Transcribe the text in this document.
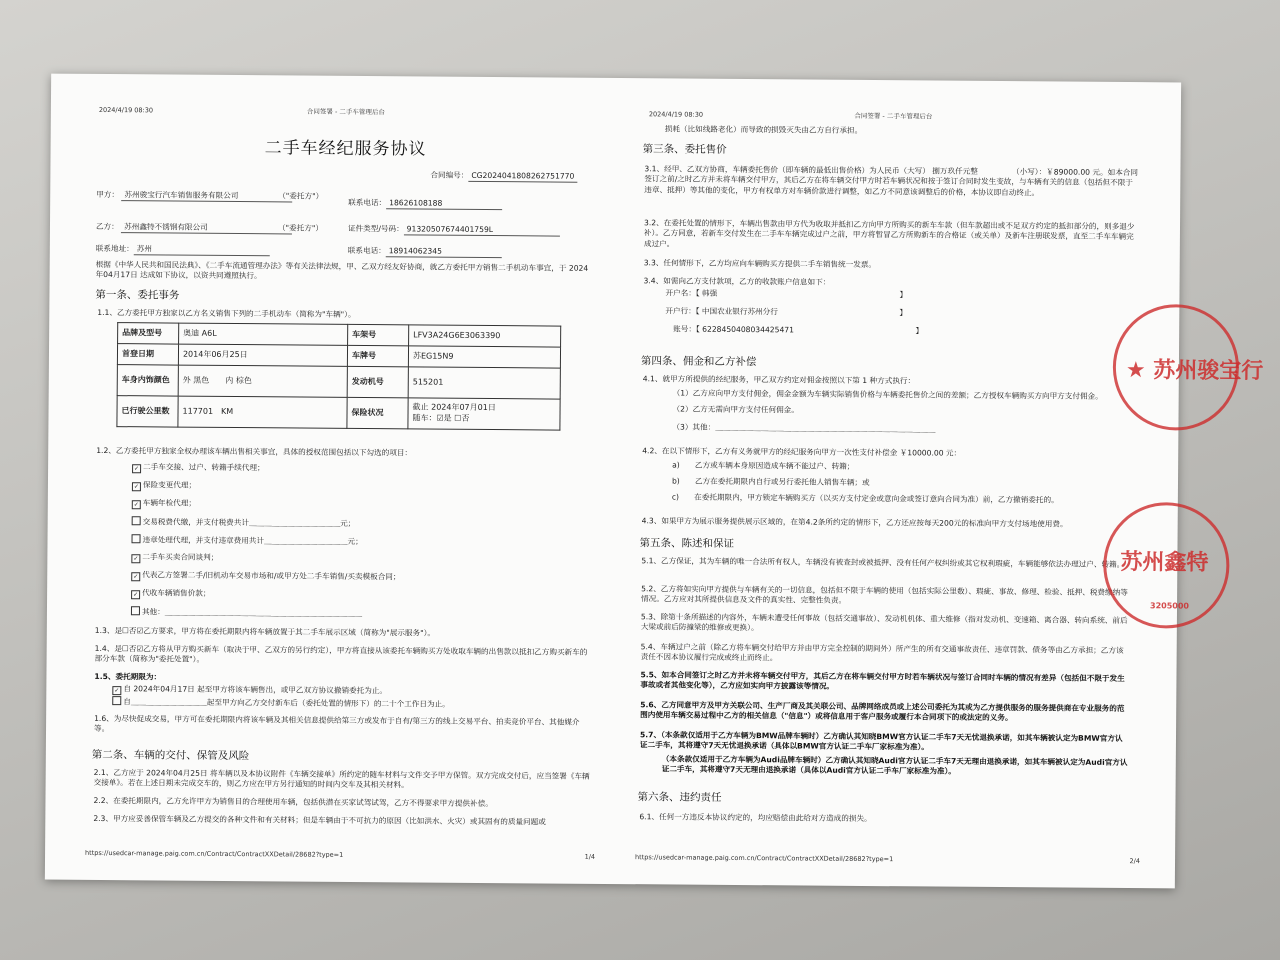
2024/4/19 08:30	合同签署 - 二手车管理后台
二手车经纪服务协议
合同编号： CG2024041808262751770
甲方： 苏州骏宝行汽车销售服务有限公司	（"委托方"）
联系电话： 18626108188
乙方： 苏州鑫特不锈钢有限公司	（"委托方"）	证件类型/号码： 91320507674401759L
联系地址： 苏州	联系电话： 18914062345
根据《中华人民共和国民法典》、《二手车流通管理办法》等有关法律法规，甲、乙双方经友好协商，就乙方委托甲方销售二手机动车事宜，于 2024年04月17日 达成如下协议，以资共同遵照执行。
第一条、委托事务
1.1、乙方委托甲方独家以乙方名义销售下列的二手机动车（简称为"车辆"）。
品牌及型号	奥迪 A6L	车架号	LFV3A24G6E3063390
首登日期	2014年06月25日	车牌号	苏EG15N9
车身内饰颜色	外 黑色　　内 棕色	发动机号	515201
已行驶公里数	117701　KM	保险状况	截止 2024年07月01日
随车：☑是 ☐否
1.2、乙方委托甲方独家全权办理该车辆出售相关事宜，具体的授权范围包括以下勾选的项目：
✓ 二手车交接、过户、转籍手续代理；
✓ 保险变更代理；
✓ 车辆年检代理；
交易税费代缴，并支付税费共计＿＿＿＿＿＿＿＿＿＿＿＿元；
违章处理代理，并支付违章费用共计＿＿＿＿＿＿＿＿＿＿＿元；
✓ 二手车买卖合同谈判；
✓ 代表乙方签署二手/旧机动车交易市场和/或甲方处二手车销售/买卖模板合同；
✓ 代收车辆销售价款；
其他：＿＿＿＿＿＿＿＿＿＿＿＿＿＿＿＿＿＿＿＿＿＿＿＿＿＿
1.3、是☐否☑乙方要求，甲方将在委托期限内将车辆放置于其二手车展示区域（简称为"展示服务"）。
1.4、是☐否☑乙方将从甲方购买新车（取决于甲、乙双方的另行约定），甲方将直接从该委托车辆购买方处收取车辆的出售款以抵扣乙方购买新车的部分车款（简称为"委托处置"）。
1.5、委托期限为：
✓ 自 2024年04月17日 起至甲方将该车辆售出，或甲乙双方协议撤销委托为止。
自＿＿＿＿＿＿＿＿＿＿起至甲方向乙方交付新车后（委托处置的情形下）的二十个工作日为止。
1.6、为尽快促成交易，甲方可在委托期限内将该车辆及其相关信息提供给第三方或发布于自有/第三方的线上交易平台、拍卖竞价平台、其他媒介等。
第二条、车辆的交付、保管及风险
2.1、乙方应于 2024年04月25日 将车辆以及本协议附件《车辆交接单》所约定的随车材料与文件交予甲方保管。双方完成交付后，应当签署《车辆交接单》。若在上述日期未完成交车的，则乙方应在甲方另行通知的时间内交车及其相关材料。
2.2、在委托期限内，乙方允许甲方为销售目的合理使用车辆，包括供潜在买家试驾试驾，乙方不得要求甲方提供补偿。
2.3、甲方应妥善保管车辆及乙方提交的各种文件和有关材料；但是车辆由于不可抗力的原因（比如洪水、火灾）或其固有的质量问题或
https://usedcar-manage.paig.com.cn/Contract/ContractXXDetail/28682?type=1	1/4
2024/4/19 08:30	合同签署 - 二手车管理后台
损耗（比如线路老化）而导致的损毁灭失由乙方自行承担。
第三条、委托售价
3.1、经甲、乙双方协商，车辆委托售价（即车辆的最低出售价格）为人民币（大写） 捌万玖仟元整　　　　　（小写）：￥89000.00 元。如本合同签订之前/之时乙方并未将车辆交付甲方，其后乙方在将车辆交付甲方时若车辆状况和按于签订合同时发生变故，与车辆有关的信息（包括但不限于违章、抵押）等其他的变化，甲方有权单方对车辆价款进行调整，如乙方不同意该调整后的价格，本协议即自动终止。
3.2、在委托处置的情形下，车辆出售款由甲方代为收取并抵扣乙方向甲方所购买的新车车款（但车款超出或不足双方约定的抵扣部分的，则多退少补）。乙方同意，若新车交付发生在二手车车辆完成过户之前，甲方将暂冒乙方所购新车的合格证（或关单）及新车注册联发票，直至二手车车辆完成过户。
3.3、任何情形下，乙方均应向车辆购买方提供二手车销售统一发票。
3.4、如需向乙方支付款项，乙方的收款账户信息如下：
开户名：【 韩强　　　　　　　　　　　　　　　　　　　　　　　　】
开户行：【 中国农业银行苏州分行　　　　　　　　　　　　　　　　】
账号：【 6228450408034425471　　　　　　　　　　　　　　　　】
第四条、佣金和乙方补偿
4.1、就甲方所提供的经纪服务，甲乙双方约定对佣金按照以下第 1 种方式执行：
（1）乙方应向甲方支付佣金，佣金金额为车辆实际销售价格与车辆委托售价之间的差额；乙方授权车辆购买方向甲方支付佣金。
（2）乙方无需向甲方支付任何佣金。
（3）其他：＿＿＿＿＿＿＿＿＿＿＿＿＿＿＿＿＿＿＿＿＿＿＿＿＿＿＿＿＿
4.2、在以下情形下，乙方有义务就甲方的经纪服务向甲方一次性支付补偿金 ￥10000.00 元：
a)　　乙方或车辆本身原因造成车辆不能过户、转籍；
b)　　乙方在委托期限内自行或另行委托他人销售车辆；或
c)　　在委托期限内，甲方锁定车辆购买方（以买方支付定金或意向金或签订意向合同为准）前，乙方撤销委托的。
4.3、如果甲方为展示服务提供展示区域的，在第4.2条所约定的情形下，乙方还应按每天200元的标准向甲方支付场地使用费。
第五条、陈述和保证
5.1、乙方保证，其为车辆的唯一合法所有权人，车辆没有被查封或被抵押、没有任何产权纠纷或其它权利瑕疵，车辆能够依法办理过户、转籍。
5.2、乙方将如实向甲方提供与车辆有关的一切信息，包括但不限于车辆的使用（包括实际公里数）、瑕疵、事故、修理、检验、抵押、税费缴纳等情况。乙方应对其所提供信息及文件的真实性、完整性负责。
5.3、除第十条所描述的内容外，车辆未遭受任何事故（包括交通事故）、发动机机体、重大维修（指对发动机、变速箱、离合器、转向系统、前后大梁或前后防撞梁的维修或更换）。
5.4、车辆过户之前（除乙方将车辆交付给甲方并由甲方完全控制的期间外）所产生的所有交通事故责任、违章罚款、债务等由乙方承担；乙方该责任不因本协议履行完成或终止而终止。
5.5、如本合同签订之时乙方并未将车辆交付甲方，其后乙方在将车辆交付甲方时若车辆状况与签订合同时车辆的情况有差异（包括但不限于发生事故或者其他变化等），乙方应如实向甲方披露该等情况。
5.6、乙方同意甲方及甲方关联公司、生产厂商及其关联公司、品牌网络成员或上述公司委托为其或为乙方提供服务的服务提供商在专业服务的范围内使用车辆交易过程中乙方的相关信息（"信息"）或将信息用于客户服务或履行本合同项下的或法定的义务。
5.7、（本条款仅适用于乙方车辆为BMW品牌车辆时）乙方确认其知晓BMW官方认证二手车7天无忧退换承诺，如其车辆被认定为BMW官方认证二手车，其将遵守7天无忧退换承诺（具体以BMW官方认证二手车厂家标准为准）。
（本条款仅适用于乙方车辆为Audi品牌车辆时）乙方确认其知晓Audi官方认证二手车7天无理由退换承诺，如其车辆被认定为Audi官方认证二手车，其将遵守7天无理由退换承诺（具体以Audi官方认证二手车厂家标准为准）。
第六条、违约责任
6.1、任何一方违反本协议约定的，均应赔偿由此给对方造成的损失。
https://usedcar-manage.paig.com.cn/Contract/ContractXXDetail/28682?type=1	2/4
★ 苏州骏宝行
苏州鑫特
3205000
